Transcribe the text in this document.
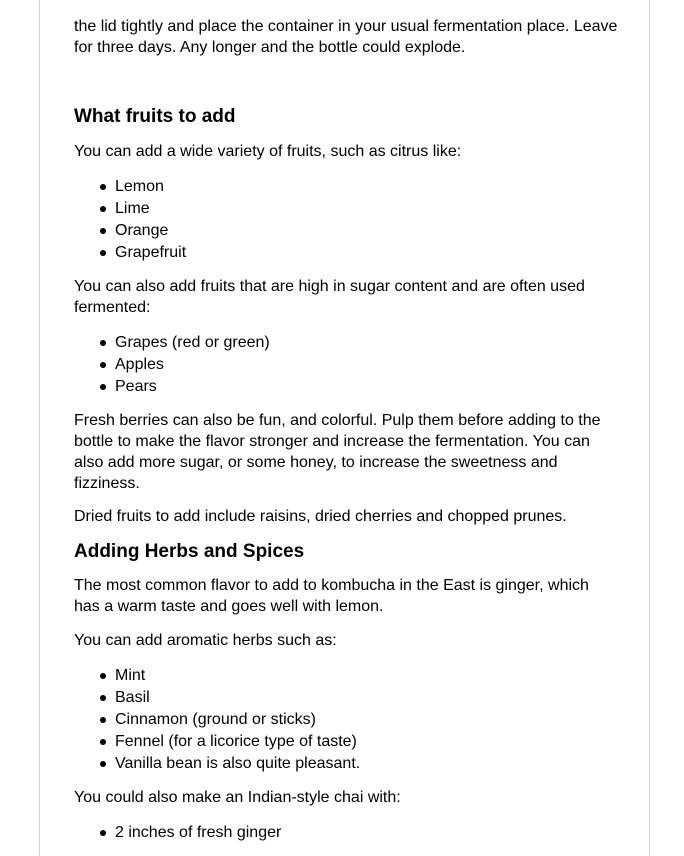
the lid tightly and place the container in your usual fermentation place. Leave for three days. Any longer and the bottle could explode.

What fruits to add

You can add a wide variety of fruits, such as citrus like:

Lemon
Lime
Orange
Grapefruit

You can also add fruits that are high in sugar content and are often used fermented:

Grapes (red or green)
Apples
Pears

Fresh berries can also be fun, and colorful. Pulp them before adding to the bottle to make the flavor stronger and increase the fermentation. You can also add more sugar, or some honey, to increase the sweetness and fizziness.

Dried fruits to add include raisins, dried cherries and chopped prunes.

Adding Herbs and Spices

The most common flavor to add to kombucha in the East is ginger, which has a warm taste and goes well with lemon.

You can add aromatic herbs such as:

Mint
Basil
Cinnamon (ground or sticks)
Fennel (for a licorice type of taste)
Vanilla bean is also quite pleasant.

You could also make an Indian-style chai with:

2 inches of fresh ginger
